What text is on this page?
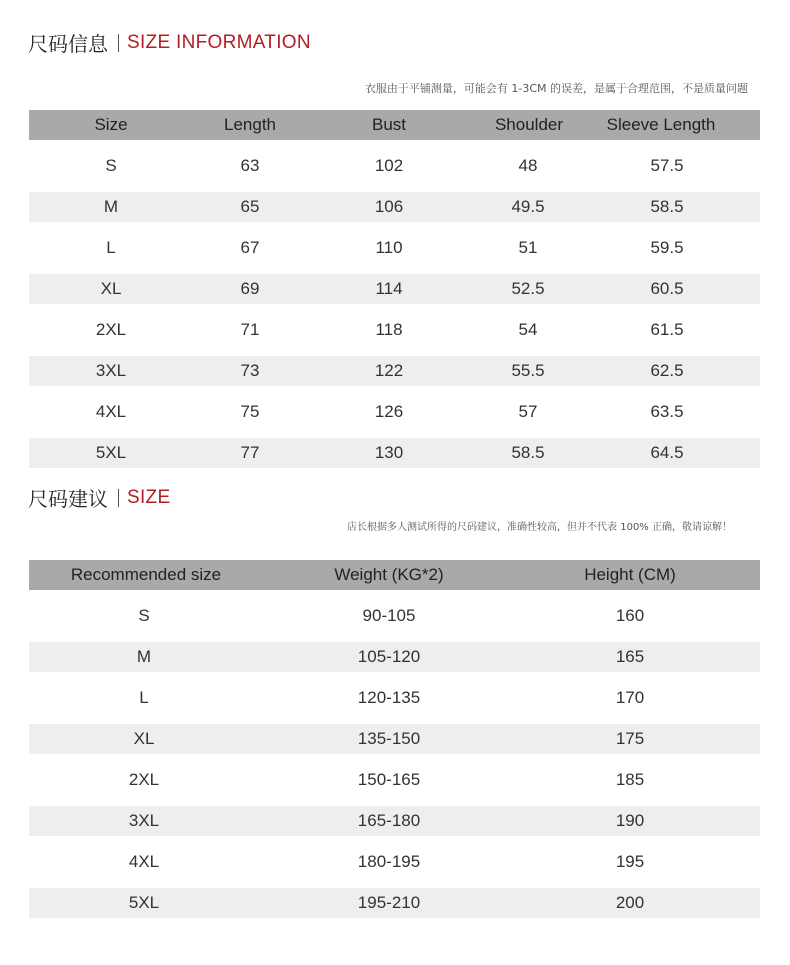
尺码信息 SIZE INFORMATION
衣服由于平铺测量，可能会有 1-3CM 的误差，是属于合理范围，不是质量问题
Size	Length	Bust	Shoulder	Sleeve Length
S	63	102	48	57.5
M	65	106	49.5	58.5
L	67	110	51	59.5
XL	69	114	52.5	60.5
2XL	71	118	54	61.5
3XL	73	122	55.5	62.5
4XL	75	126	57	63.5
5XL	77	130	58.5	64.5
尺码建议 SIZE
店长根据多人测试所得的尺码建议，准确性较高，但并不代表 100% 正确，敬请谅解！
Recommended size	Weight (KG*2)	Height (CM)
S	90-105	160
M	105-120	165
L	120-135	170
XL	135-150	175
2XL	150-165	185
3XL	165-180	190
4XL	180-195	195
5XL	195-210	200
